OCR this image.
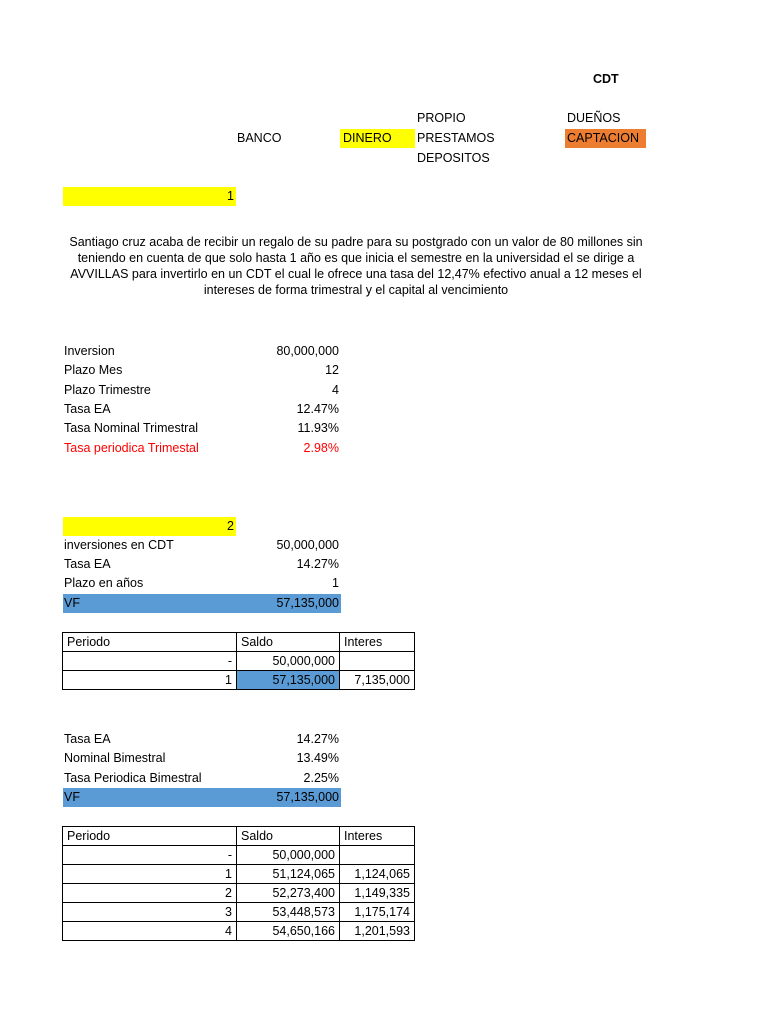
CDT
PROPIO	DUEÑOS
BANCO	DINERO	PRESTAMOS	CAPTACION
DEPOSITOS
1
Santiago cruz acaba de recibir un regalo de su padre para su postgrado con un valor de 80 millones sin
teniendo en cuenta de que solo hasta 1 año es que inicia el semestre en la universidad el se dirige a
AVVILLAS para invertirlo en un CDT el cual le ofrece una tasa del 12,47% efectivo anual a 12 meses el
intereses de forma trimestral y el capital al vencimiento
Inversion	80,000,000
Plazo Mes	12
Plazo Trimestre	4
Tasa EA	12.47%
Tasa Nominal Trimestral	11.93%
Tasa periodica Trimestal	2.98%
2
inversiones en CDT	50,000,000
Tasa EA	14.27%
Plazo en años	1
VF	57,135,000
Periodo	Saldo	Interes
-	50,000,000	
1	57,135,000	7,135,000
Tasa EA	14.27%
Nominal Bimestral	13.49%
Tasa Periodica Bimestral	2.25%
VF	57,135,000
Periodo	Saldo	Interes
-	50,000,000	
1	51,124,065	1,124,065
2	52,273,400	1,149,335
3	53,448,573	1,175,174
4	54,650,166	1,201,593
